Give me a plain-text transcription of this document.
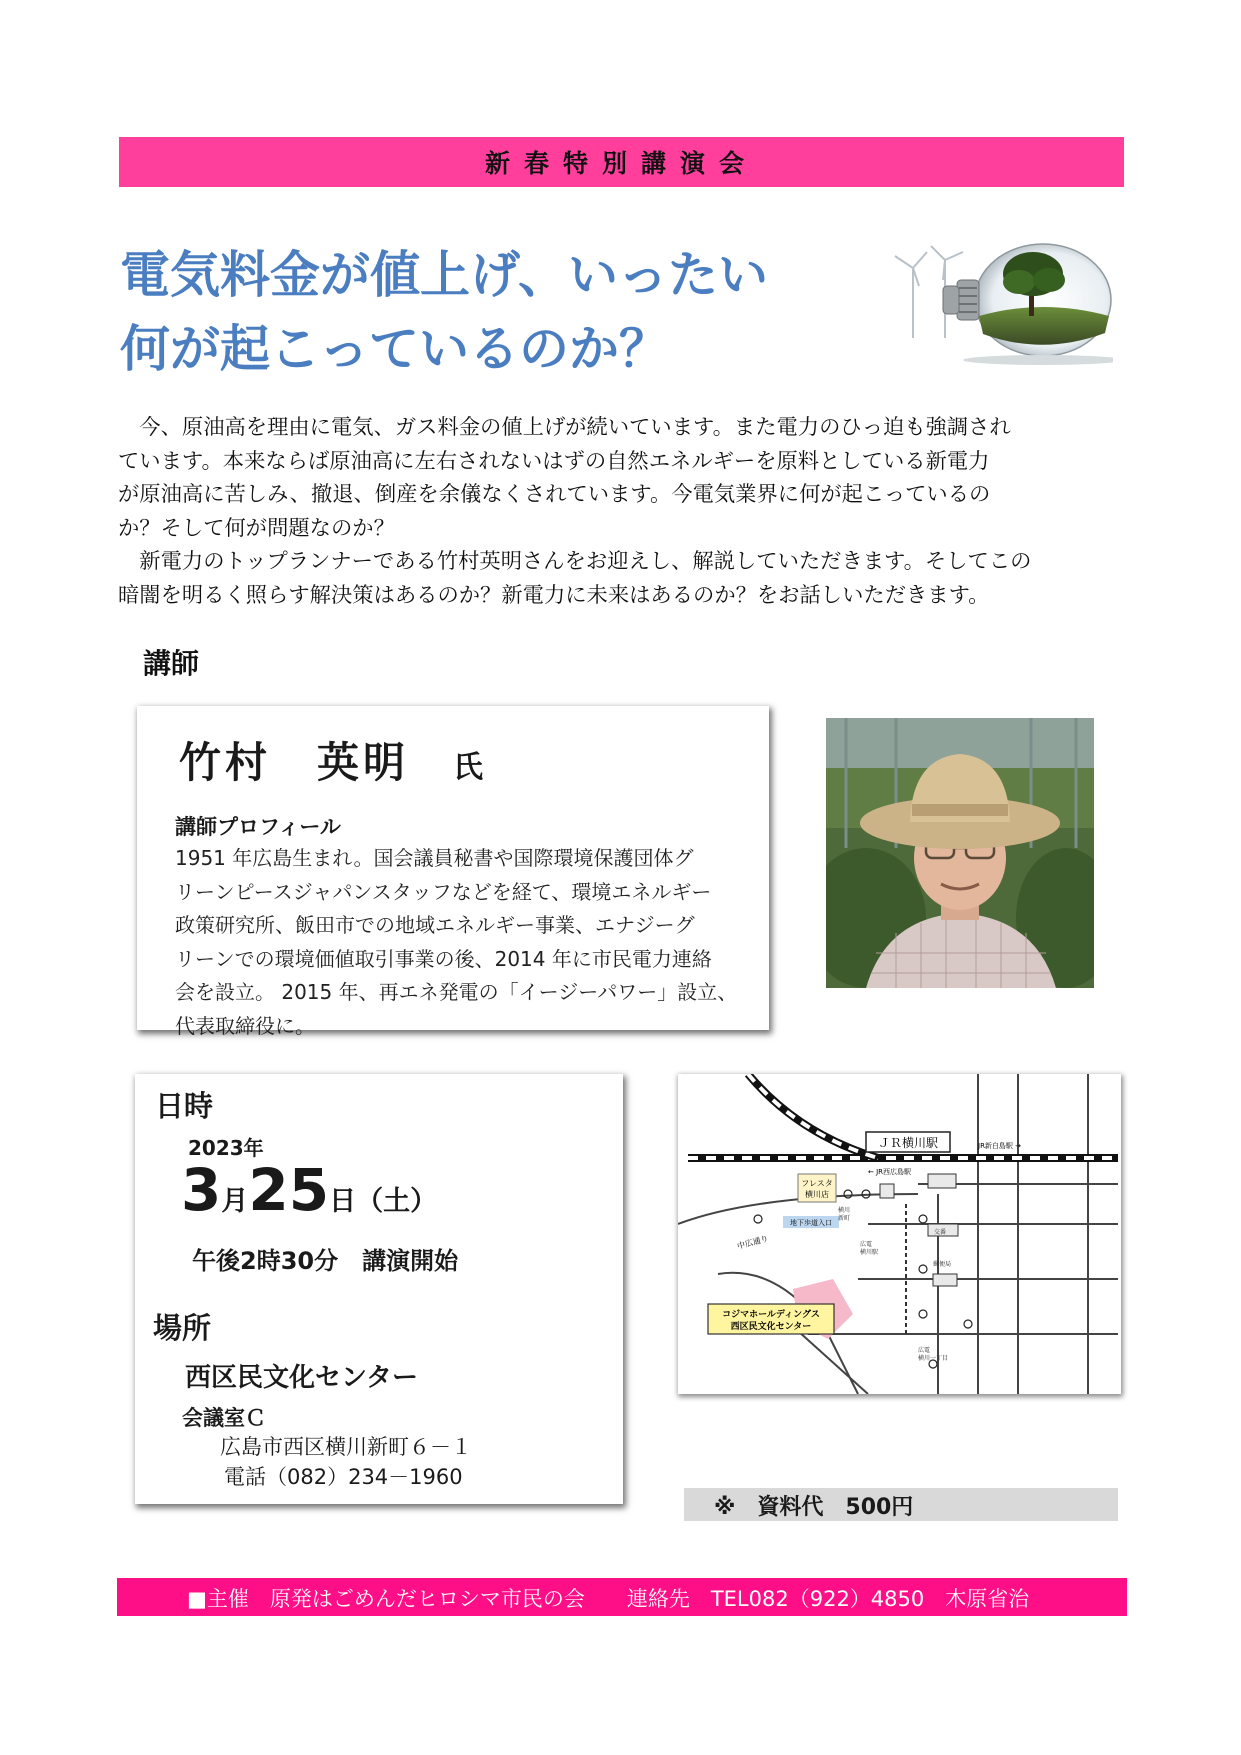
新春特別講演会
電気料金が値上げ、いったい
何が起こっているのか？

　今、原油高を理由に電気、ガス料金の値上げが続いています。また電力のひっ迫も強調され

ています。本来ならば原油高に左右されないはずの自然エネルギーを原料としている新電力

が原油高に苦しみ、撤退、倒産を余儀なくされています。今電気業界に何が起こっているの

か？そして何が問題なのか？

　新電力のトップランナーである竹村英明さんをお迎えし、解説していただきます。そしてこの

暗闇を明るく照らす解決策はあるのか？新電力に未来はあるのか？をお話しいただきます。

講師
竹村　英明 氏
講師プロフィール
1951 年広島生まれ。国会議員秘書や国際環境保護団体グ
リーンピースジャパンスタッフなどを経て、環境エネルギー
政策研究所、飯田市での地域エネルギー事業、エナジーグ
リーンでの環境価値取引事業の後、2014 年に市民電力連絡
会を設立。 2015 年、再エネ発電の「イージーパワー」設立、
代表取締役に。
日時
2023年
3月25日（土）
午後2時30分　講演開始
場所
西区民文化センター
会議室Ｃ
広島市西区横川新町６－１
電話（082）234－1960
ＪＲ横川駅
フレスタ
横川店
コジマホールディングス
西区民文化センター
中広通り
← JR西広島駅
JR新白島駅 →
地下歩道入口
横川
新町
広電
横川駅
郵便局
広電
横川一丁目
交番
※　資料代　500円
■主催　原発はごめんだヒロシマ市民の会　　連絡先　TEL082（922）4850　木原省治
